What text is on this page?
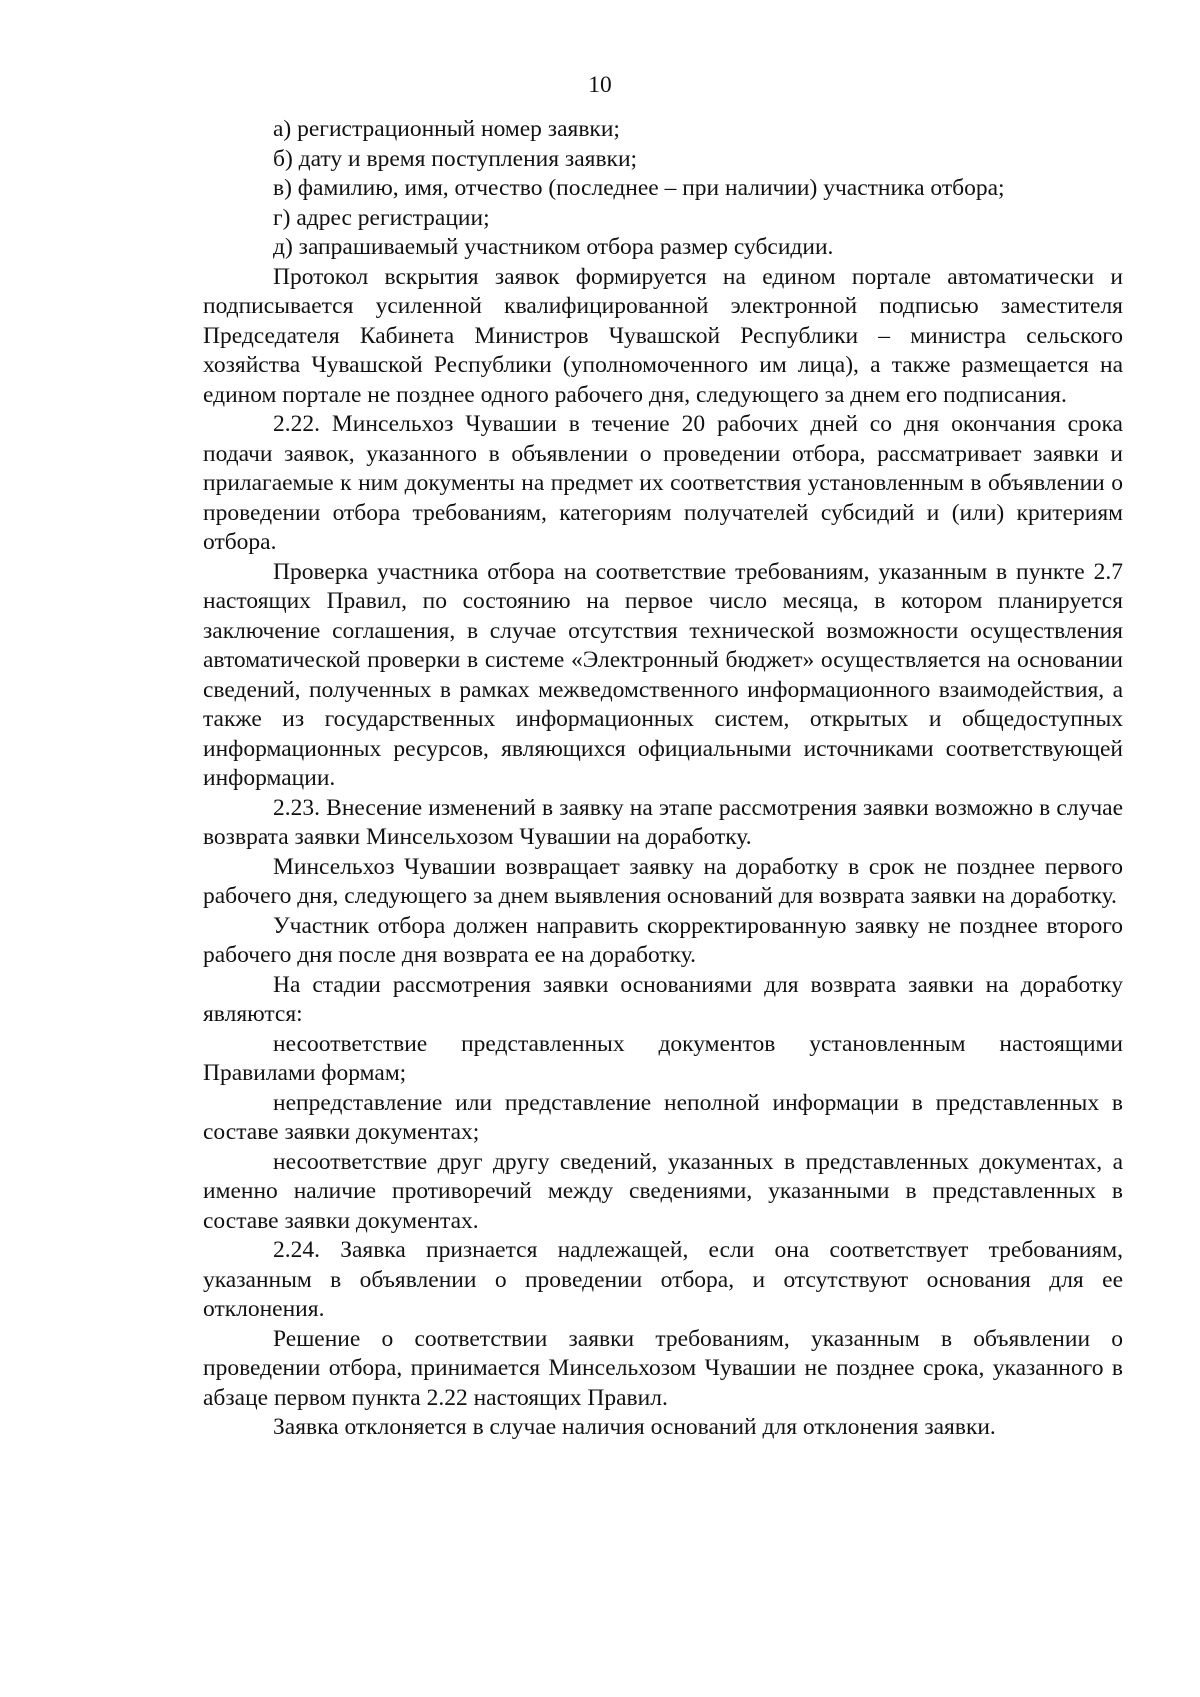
10

а) регистрационный номер заявки;

б) дату и время поступления заявки;

в) фамилию, имя, отчество (последнее – при наличии) участника отбора;

г) адрес регистрации;

д) запрашиваемый участником отбора размер субсидии.

Протокол вскрытия заявок формируется на едином портале автоматически и подписывается усиленной квалифицированной электронной подписью заместителя Председателя Кабинета Министров Чувашской Республики – министра сельского хозяйства Чувашской Республики (уполномоченного им лица), а также размещается на едином портале не позднее одного рабочего дня, следующего за днем его подписания.

2.22. Минсельхоз Чувашии в течение 20 рабочих дней со дня окончания срока подачи заявок, указанного в объявлении о проведении отбора, рассматривает заявки и прилагаемые к ним документы на предмет их соответствия установленным в объявлении о проведении отбора требованиям, категориям получателей субсидий и (или) критериям отбора.

Проверка участника отбора на соответствие требованиям, указанным в пункте 2.7 настоящих Правил, по состоянию на первое число месяца, в котором планируется заключение соглашения, в случае отсутствия технической возможности осуществления автоматической проверки в системе «Электронный бюджет» осуществляется на основании сведений, полученных в рамках межведомственного информационного взаимодействия, а также из государственных информационных систем, открытых и общедоступных информационных ресурсов, являющихся официальными источниками соответствующей информации.

2.23. Внесение изменений в заявку на этапе рассмотрения заявки возможно в случае возврата заявки Минсельхозом Чувашии на доработку.

Минсельхоз Чувашии возвращает заявку на доработку в срок не позднее первого рабочего дня, следующего за днем выявления оснований для возврата заявки на доработку.

Участник отбора должен направить скорректированную заявку не позднее второго рабочего дня после дня возврата ее на доработку.

На стадии рассмотрения заявки основаниями для возврата заявки на доработку являются:

несоответствие представленных документов установленным настоящими Правилами формам;

непредставление или представление неполной информации в представленных в составе заявки документах;

несоответствие друг другу сведений, указанных в представленных документах, а именно наличие противоречий между сведениями, указанными в представленных в составе заявки документах.

2.24. Заявка признается надлежащей, если она соответствует требованиям, указанным в объявлении о проведении отбора, и отсутствуют основания для ее отклонения.

Решение о соответствии заявки требованиям, указанным в объявлении о проведении отбора, принимается Минсельхозом Чувашии не позднее срока, указанного в абзаце первом пункта 2.22 настоящих Правил.

Заявка отклоняется в случае наличия оснований для отклонения заявки.
